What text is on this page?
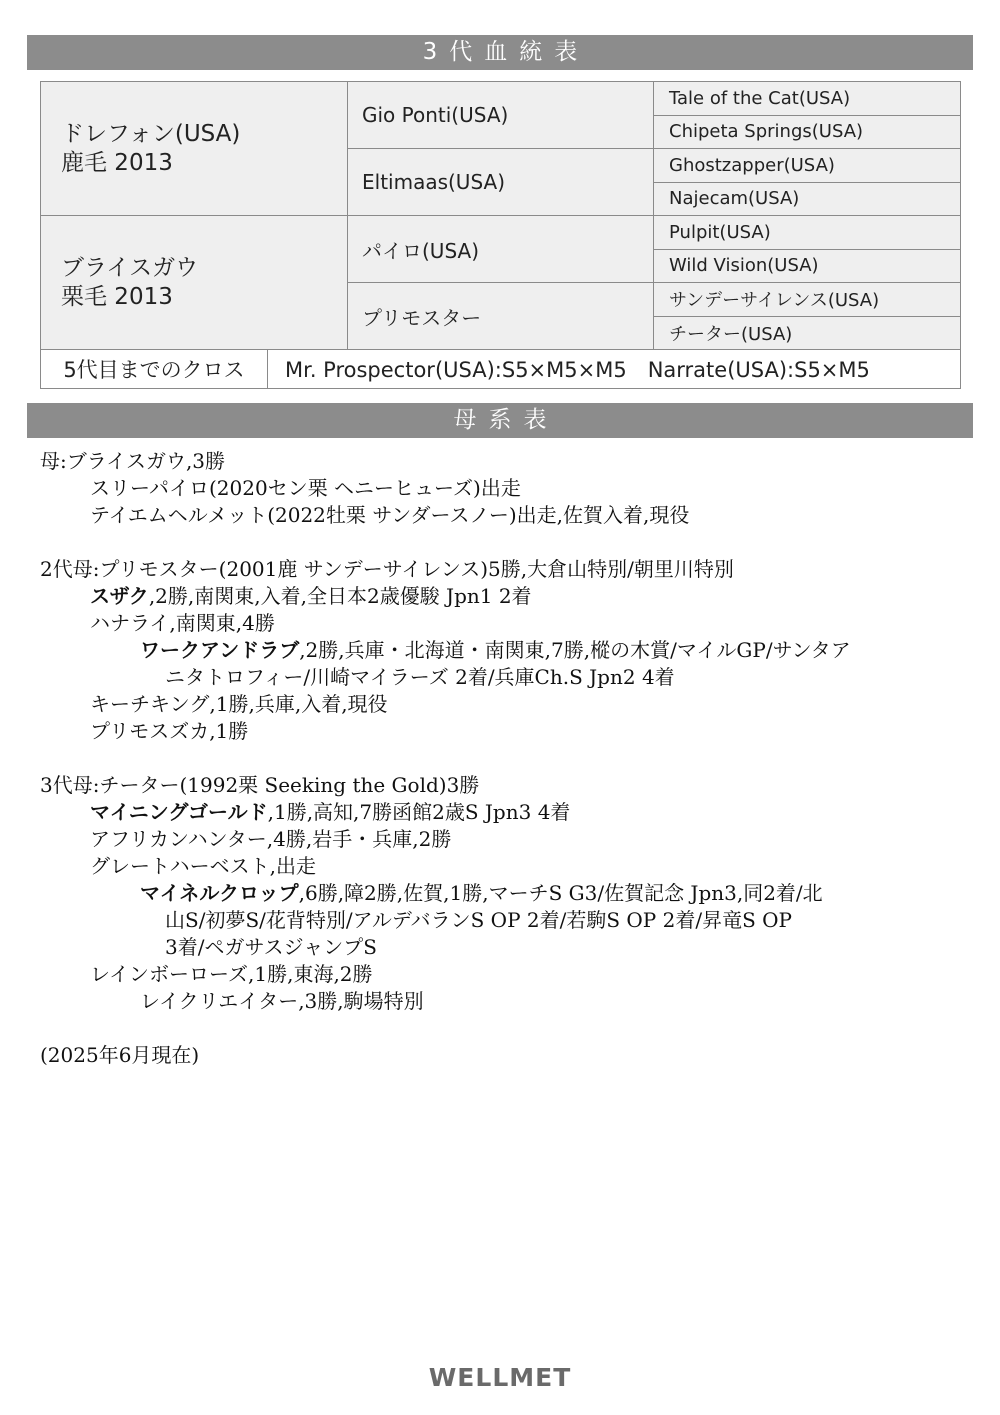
3代血統表
ドレフォン(USA)
鹿毛 2013		Gio Ponti(USA)	Tale of the Cat(USA)
			Chipeta Springs(USA)
		Eltimaas(USA)	Ghostzapper(USA)
			Najecam(USA)

ブライスガウ
栗毛 2013		パイロ(USA)	Pulpit(USA)
			Wild Vision(USA)
		プリモスター	サンデーサイレンス(USA)
			チーター(USA)
5代目までのクロス	Mr. Prospector(USA):S5×M5×M5　Narrate(USA):S5×M5		
母系表
母:ブライスガウ,3勝
スリーパイロ(2020セン栗 ヘニーヒューズ)出走
テイエムヘルメット(2022牡栗 サンダースノー)出走,佐賀入着,現役
2代母:プリモスター(2001鹿 サンデーサイレンス)5勝,大倉山特別/朝里川特別
スザク,2勝,南関東,入着,全日本2歳優駿 Jpn1 2着
ハナライ,南関東,4勝
ワークアンドラブ,2勝,兵庫・北海道・南関東,7勝,樅の木賞/マイルGP/サンタア
ニタトロフィー/川崎マイラーズ 2着/兵庫Ch.S Jpn2 4着
キーチキング,1勝,兵庫,入着,現役
プリモスズカ,1勝
3代母:チーター(1992栗 Seeking the Gold)3勝
マイニングゴールド,1勝,高知,7勝函館2歳S Jpn3 4着
アフリカンハンター,4勝,岩手・兵庫,2勝
グレートハーベスト,出走
マイネルクロップ,6勝,障2勝,佐賀,1勝,マーチS G3/佐賀記念 Jpn3,同2着/北
山S/初夢S/花背特別/アルデバランS OP 2着/若駒S OP 2着/昇竜S OP
3着/ペガサスジャンプS
レインボーローズ,1勝,東海,2勝
レイクリエイター,3勝,駒場特別
(2025年6月現在)
WELLMET
